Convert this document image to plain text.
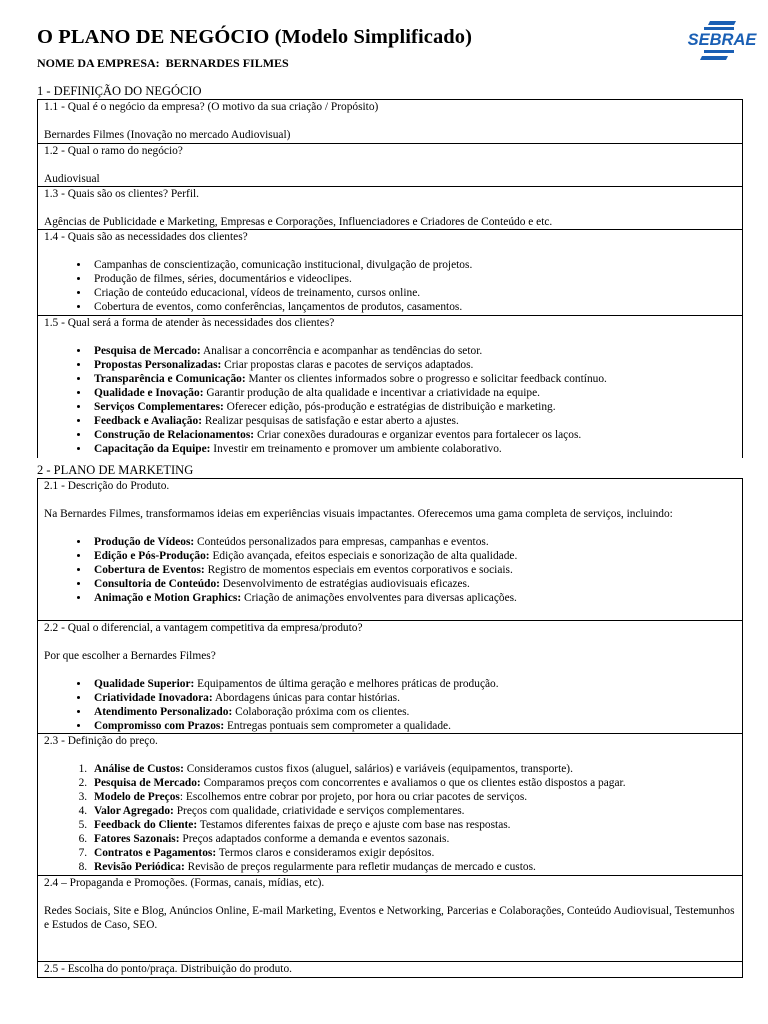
O PLANO DE NEGÓCIO (Modelo Simplificado)	SEBRAE
NOME DA EMPRESA: BERNARDES FILMES
1 - DEFINIÇÃO DO NEGÓCIO

1.1 - Qual é o negócio da empresa? (O motivo da sua criação / Propósito)

Bernardes Filmes (Inovação no mercado Audiovisual)

1.2 - Qual o ramo do negócio?

Audiovisual

1.3 - Quais são os clientes? Perfil.

Agências de Publicidade e Marketing, Empresas e Corporações, Influenciadores e Criadores de Conteúdo e etc.

1.4 - Quais são as necessidades dos clientes?

• Campanhas de conscientização, comunicação institucional, divulgação de projetos.
• Produção de filmes, séries, documentários e videoclipes.
• Criação de conteúdo educacional, vídeos de treinamento, cursos online.
• Cobertura de eventos, como conferências, lançamentos de produtos, casamentos.

1.5 - Qual será a forma de atender às necessidades dos clientes?

• Pesquisa de Mercado: Analisar a concorrência e acompanhar as tendências do setor.
• Propostas Personalizadas: Criar propostas claras e pacotes de serviços adaptados.
• Transparência e Comunicação: Manter os clientes informados sobre o progresso e solicitar feedback contínuo.
• Qualidade e Inovação: Garantir produção de alta qualidade e incentivar a criatividade na equipe.
• Serviços Complementares: Oferecer edição, pós-produção e estratégias de distribuição e marketing.
• Feedback e Avaliação: Realizar pesquisas de satisfação e estar aberto a ajustes.
• Construção de Relacionamentos: Criar conexões duradouras e organizar eventos para fortalecer os laços.
• Capacitação da Equipe: Investir em treinamento e promover um ambiente colaborativo.
2 - PLANO DE MARKETING

2.1 - Descrição do Produto.

Na Bernardes Filmes, transformamos ideias em experiências visuais impactantes. Oferecemos uma gama completa de serviços, incluindo:

• Produção de Vídeos: Conteúdos personalizados para empresas, campanhas e eventos.
• Edição e Pós-Produção: Edição avançada, efeitos especiais e sonorização de alta qualidade.
• Cobertura de Eventos: Registro de momentos especiais em eventos corporativos e sociais.
• Consultoria de Conteúdo: Desenvolvimento de estratégias audiovisuais eficazes.
• Animação e Motion Graphics: Criação de animações envolventes para diversas aplicações.

2.2 - Qual o diferencial, a vantagem competitiva da empresa/produto?

Por que escolher a Bernardes Filmes?

• Qualidade Superior: Equipamentos de última geração e melhores práticas de produção.
• Criatividade Inovadora: Abordagens únicas para contar histórias.
• Atendimento Personalizado: Colaboração próxima com os clientes.
• Compromisso com Prazos: Entregas pontuais sem comprometer a qualidade.

2.3 - Definição do preço.

1. Análise de Custos: Consideramos custos fixos (aluguel, salários) e variáveis (equipamentos, transporte).
2. Pesquisa de Mercado: Comparamos preços com concorrentes e avaliamos o que os clientes estão dispostos a pagar.
3. Modelo de Preços: Escolhemos entre cobrar por projeto, por hora ou criar pacotes de serviços.
4. Valor Agregado: Preços com qualidade, criatividade e serviços complementares.
5. Feedback do Cliente: Testamos diferentes faixas de preço e ajuste com base nas respostas.
6. Fatores Sazonais: Preços adaptados conforme a demanda e eventos sazonais.
7. Contratos e Pagamentos: Termos claros e consideramos exigir depósitos.
8. Revisão Periódica: Revisão de preços regularmente para refletir mudanças de mercado e custos.

2.4 – Propaganda e Promoções. (Formas, canais, mídias, etc).

Redes Sociais, Site e Blog, Anúncios Online, E-mail Marketing, Eventos e Networking, Parcerias e Colaborações, Conteúdo Audiovisual, Testemunhos e Estudos de Caso, SEO.

2.5 - Escolha do ponto/praça. Distribuição do produto.
